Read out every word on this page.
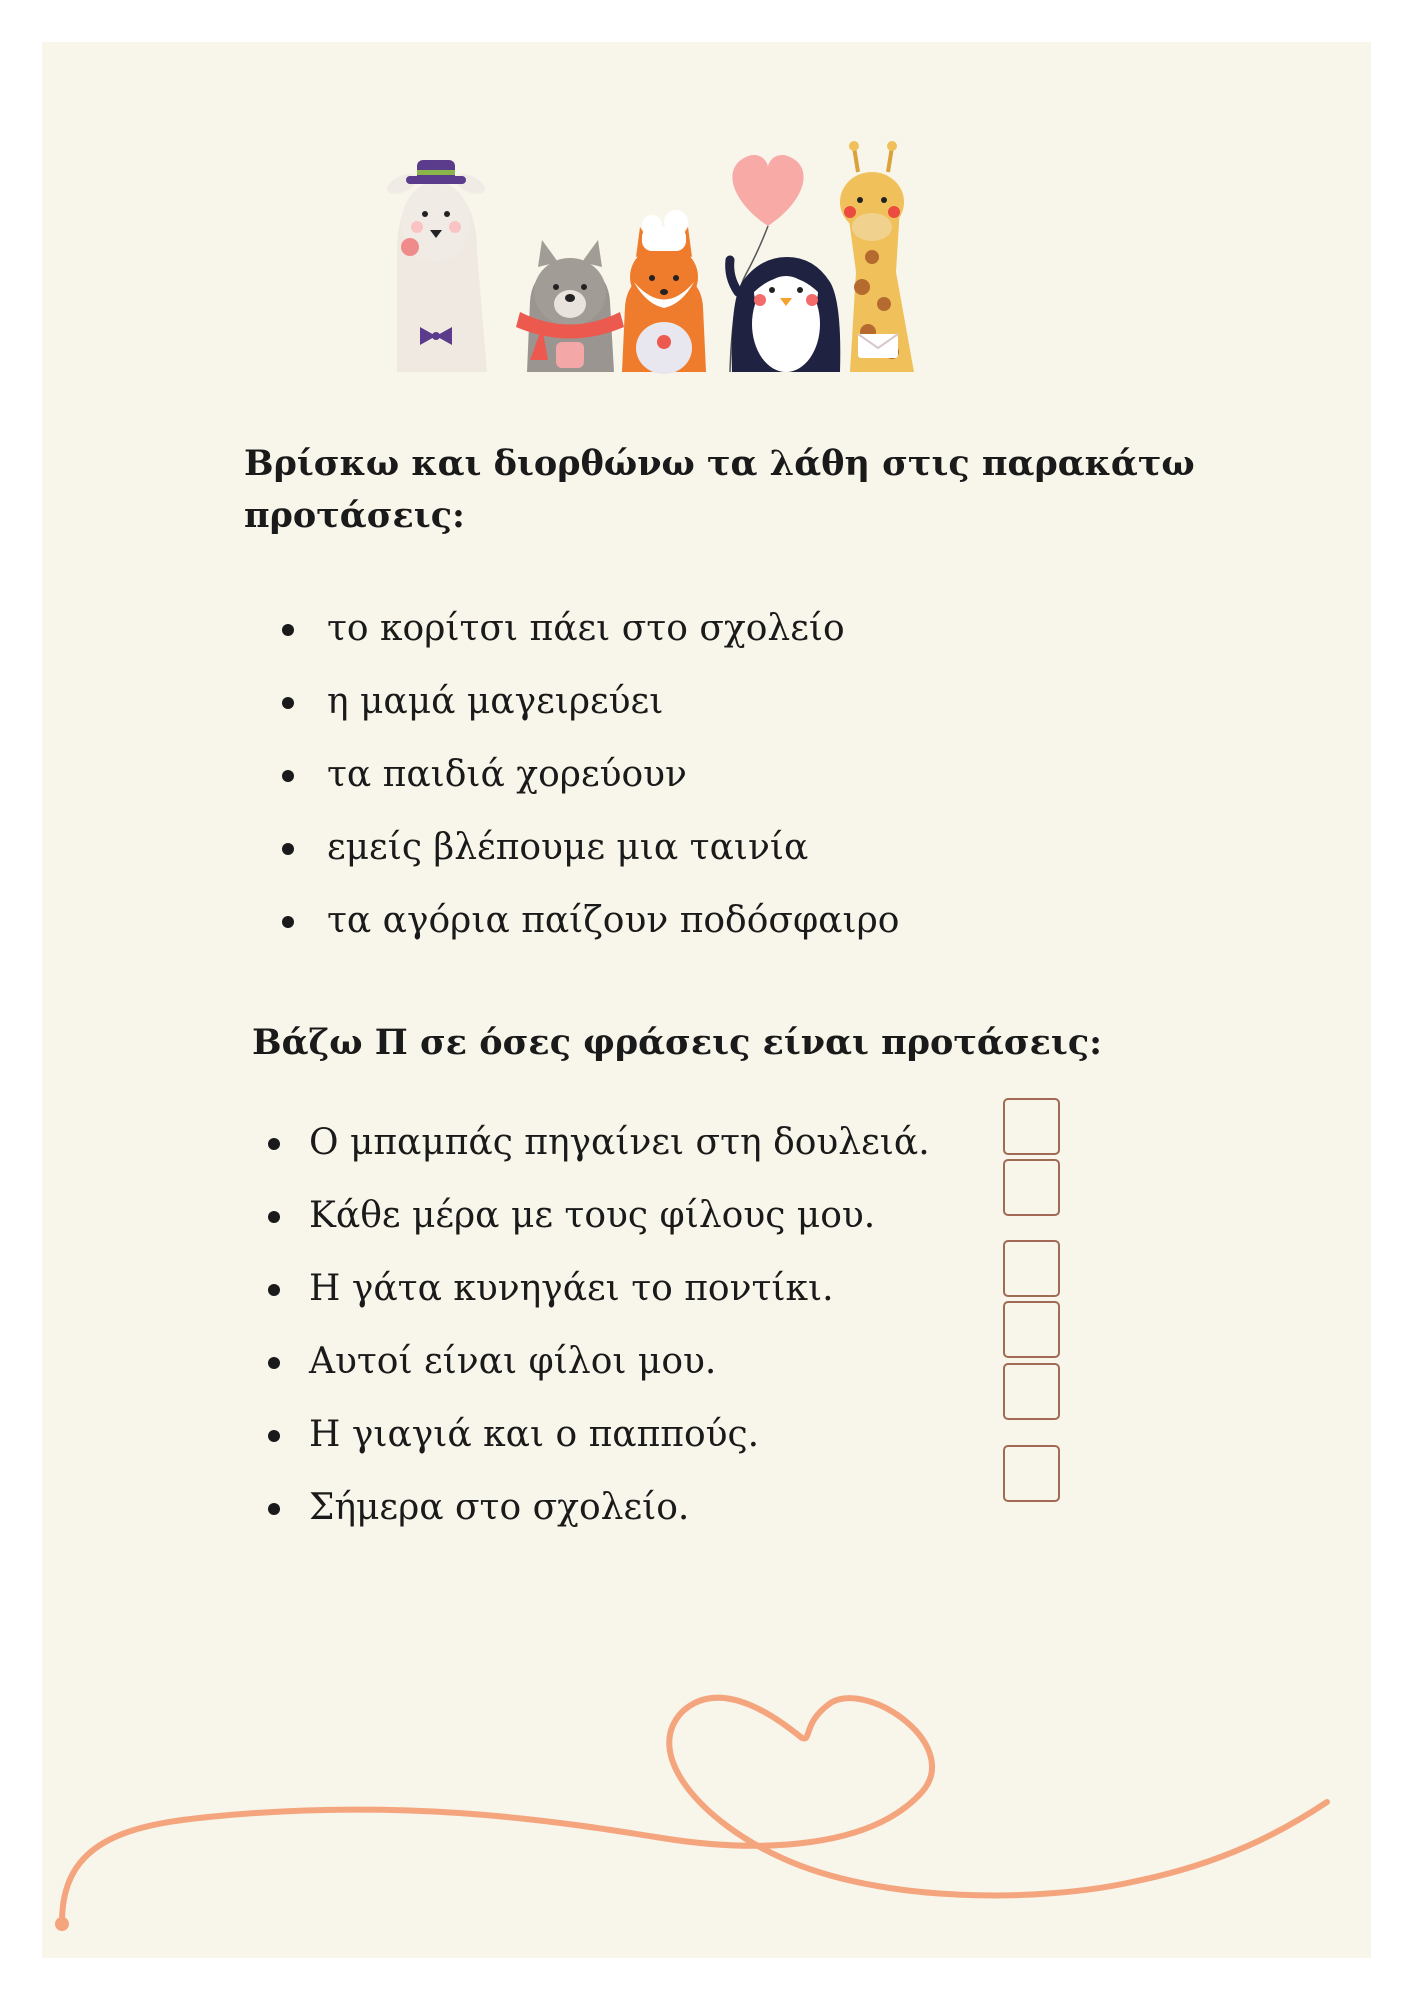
Βρίσκω και διορθώνω τα λάθη στις παρακάτω προτάσεις:
το κορίτσι πάει στο σχολείο
η μαμά μαγειρεύει
τα παιδιά χορεύουν
εμείς βλέπουμε μια ταινία
τα αγόρια παίζουν ποδόσφαιρο
Βάζω Π σε όσες φράσεις είναι προτάσεις:
Ο μπαμπάς πηγαίνει στη δουλειά.
Κάθε μέρα με τους φίλους μου.
Η γάτα κυνηγάει το ποντίκι.
Αυτοί είναι φίλοι μου.
Η γιαγιά και ο παππούς.
Σήμερα στο σχολείο.
